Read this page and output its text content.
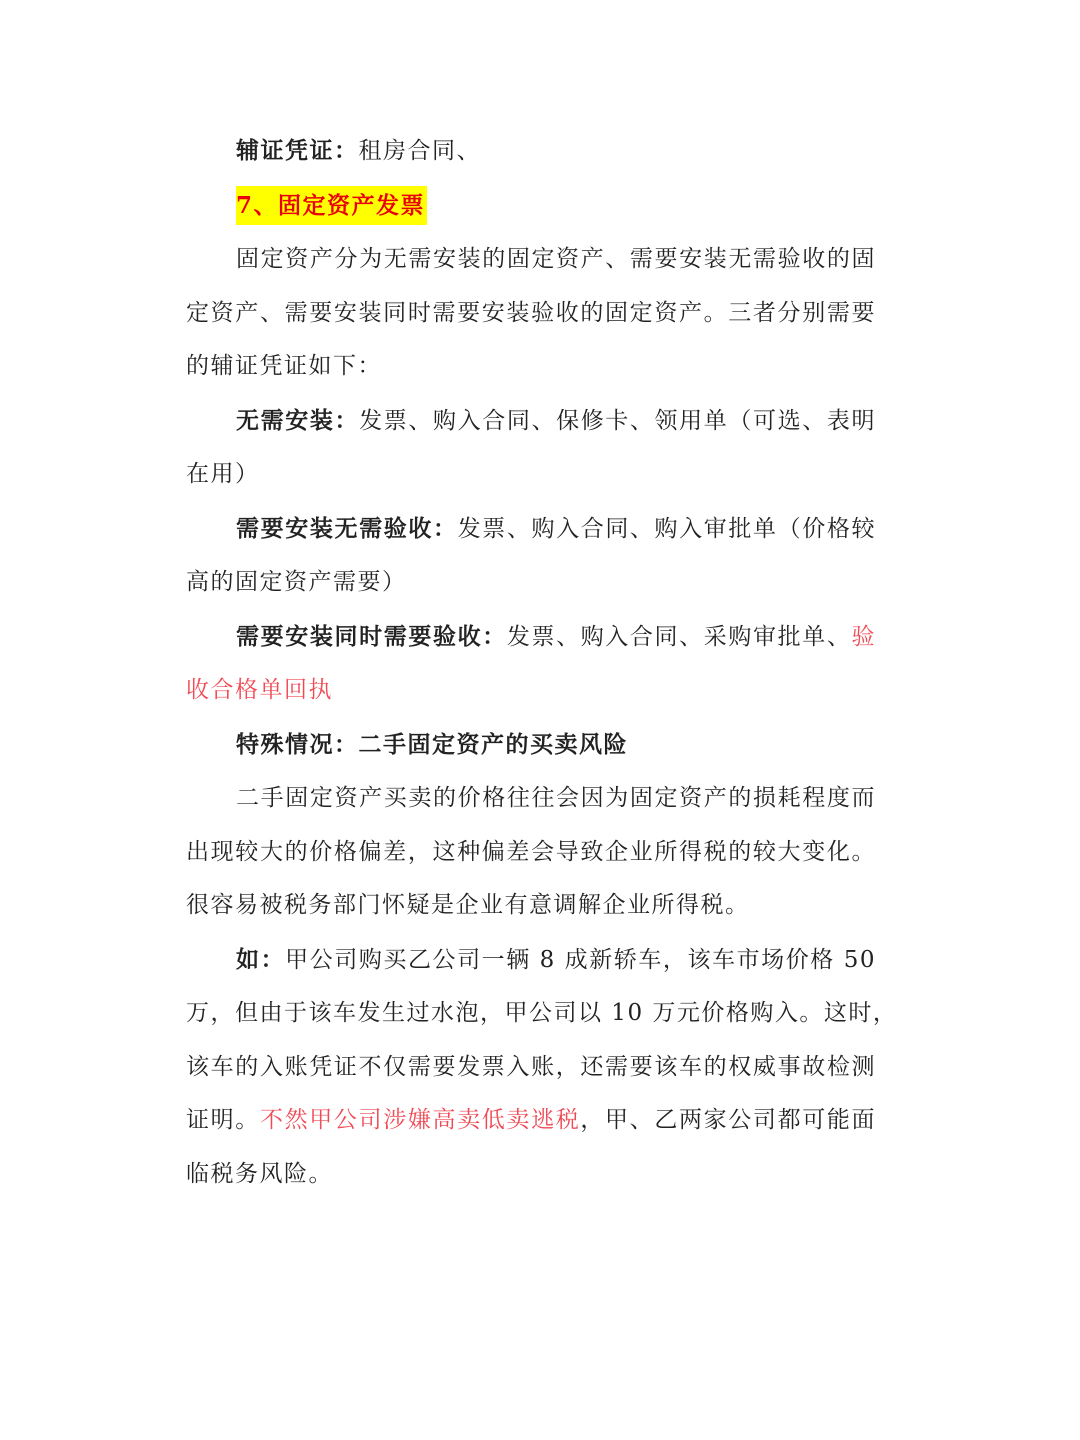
辅证凭证：租房合同、

7、固定资产发票

固定资产分为无需安装的固定资产、需要安装无需验收的固

定资产、需要安装同时需要安装验收的固定资产。三者分别需要

的辅证凭证如下：

无需安装：发票、购入合同、保修卡、领用单（可选、表明

在用）

需要安装无需验收：发票、购入合同、购入审批单（价格较

高的固定资产需要）

需要安装同时需要验收：发票、购入合同、采购审批单、验

收合格单回执

特殊情况：二手固定资产的买卖风险

二手固定资产买卖的价格往往会因为固定资产的损耗程度而

出现较大的价格偏差，这种偏差会导致企业所得税的较大变化。

很容易被税务部门怀疑是企业有意调解企业所得税。

如：甲公司购买乙公司一辆 8 成新轿车，该车市场价格 50

万，但由于该车发生过水泡，甲公司以 10 万元价格购入。这时，

该车的入账凭证不仅需要发票入账，还需要该车的权威事故检测

证明。不然甲公司涉嫌高卖低卖逃税，甲、乙两家公司都可能面

临税务风险。
